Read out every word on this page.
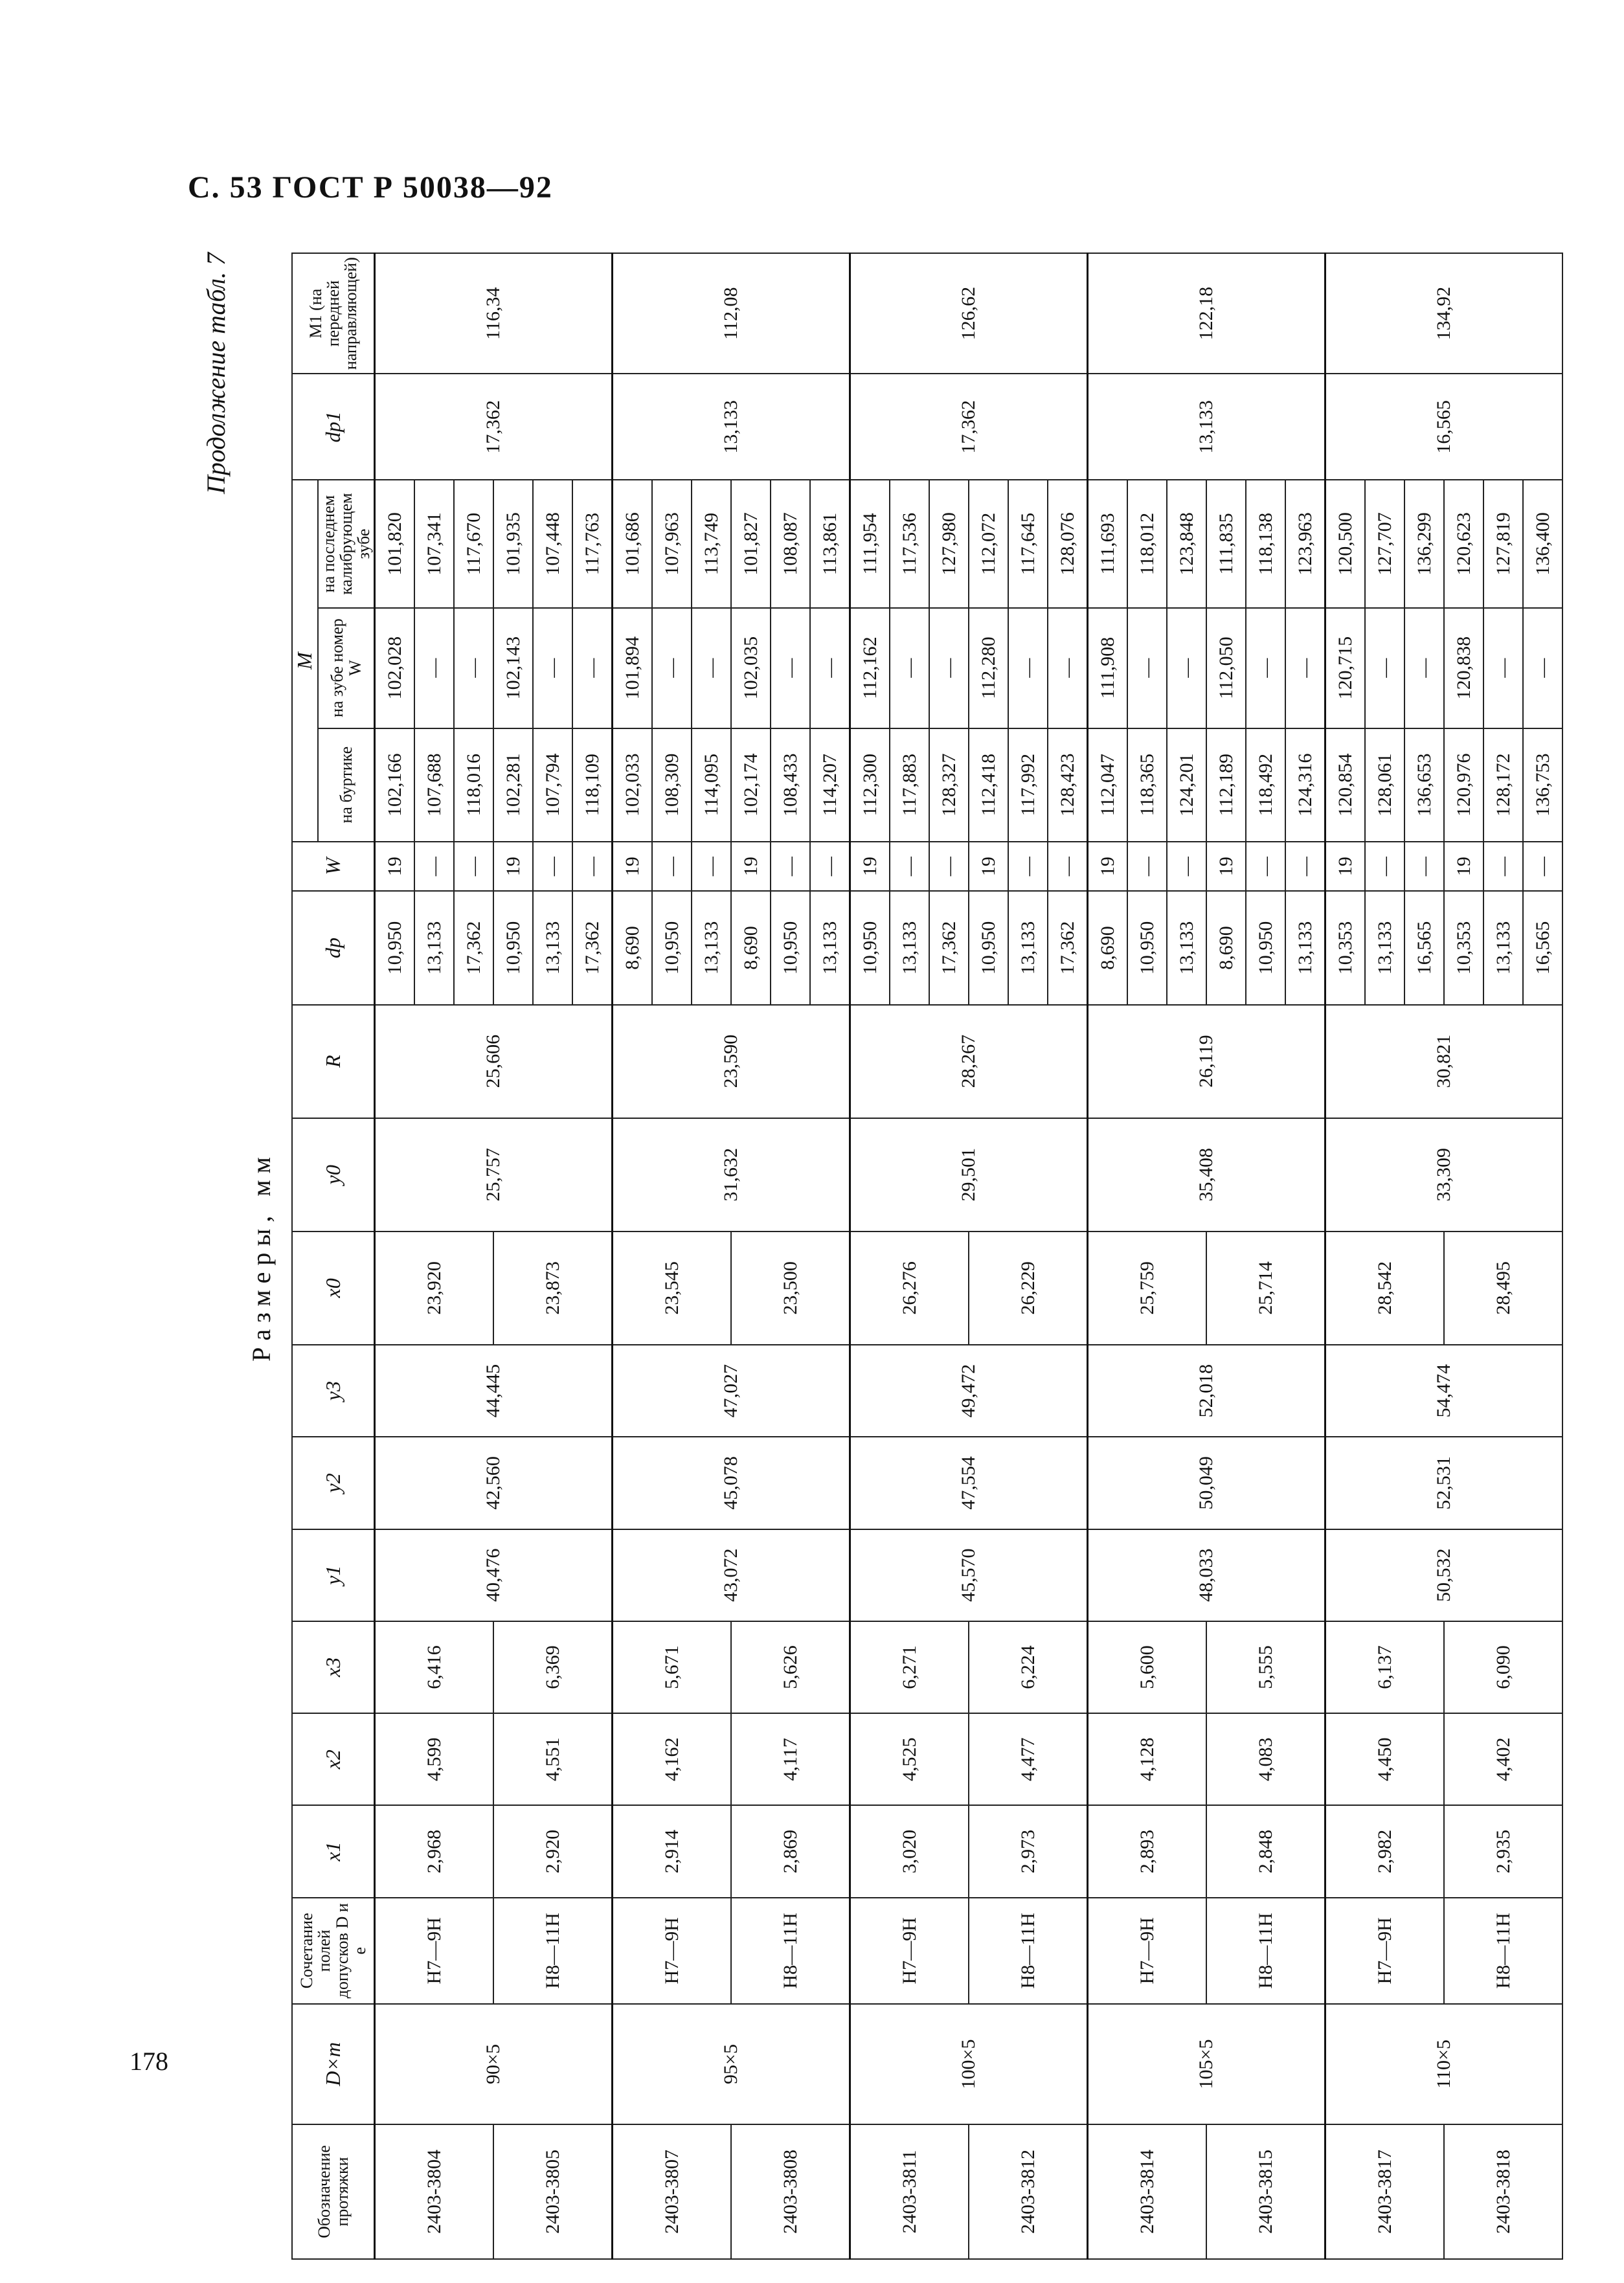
С. 53 ГОСТ Р 50038—92
Продолжение табл. 7
Размеры, мм
Обозначение протяжки	D×m	Сочетание полей допусков D и e	x1	x2	x3	y1	y2	y3	x0	y0	R	dp	W	M			dp1	M1 (на передней направляющей)
														на буртике	на зубе номер W	на последнем калибрующем зубе		
2403-3804	90×5	H7—9H	2,968	4,599	6,416	40,476	42,560	44,445	23,920	25,757	25,606	10,950	19	102,166	102,028	101,820	17,362	116,34
												13,133	—	107,688	—	107,341		
												17,362	—	118,016	—	117,670		
2403-3805		H8—11H	2,920	4,551	6,369				23,873			10,950	19	102,281	102,143	101,935		
												13,133	—	107,794	—	107,448		
												17,362	—	118,109	—	117,763		
2403-3807	95×5	H7—9H	2,914	4,162	5,671	43,072	45,078	47,027	23,545	31,632	23,590	8,690	19	102,033	101,894	101,686	13,133	112,08
												10,950	—	108,309	—	107,963		
												13,133	—	114,095	—	113,749		
2403-3808		H8—11H	2,869	4,117	5,626				23,500			8,690	19	102,174	102,035	101,827		
												10,950	—	108,433	—	108,087		
												13,133	—	114,207	—	113,861		
2403-3811	100×5	H7—9H	3,020	4,525	6,271	45,570	47,554	49,472	26,276	29,501	28,267	10,950	19	112,300	112,162	111,954	17,362	126,62
												13,133	—	117,883	—	117,536		
												17,362	—	128,327	—	127,980		
2403-3812		H8—11H	2,973	4,477	6,224				26,229			10,950	19	112,418	112,280	112,072		
												13,133	—	117,992	—	117,645		
												17,362	—	128,423	—	128,076		
2403-3814	105×5	H7—9H	2,893	4,128	5,600	48,033	50,049	52,018	25,759	35,408	26,119	8,690	19	112,047	111,908	111,693	13,133	122,18
												10,950	—	118,365	—	118,012		
												13,133	—	124,201	—	123,848		
2403-3815		H8—11H	2,848	4,083	5,555				25,714			8,690	19	112,189	112,050	111,835		
												10,950	—	118,492	—	118,138		
												13,133	—	124,316	—	123,963		
2403-3817	110×5	H7—9H	2,982	4,450	6,137	50,532	52,531	54,474	28,542	33,309	30,821	10,353	19	120,854	120,715	120,500	16,565	134,92
												13,133	—	128,061	—	127,707		
												16,565	—	136,653	—	136,299		
2403-3818		H8—11H	2,935	4,402	6,090				28,495			10,353	19	120,976	120,838	120,623		
												13,133	—	128,172	—	127,819		
												16,565	—	136,753	—	136,400		
178
